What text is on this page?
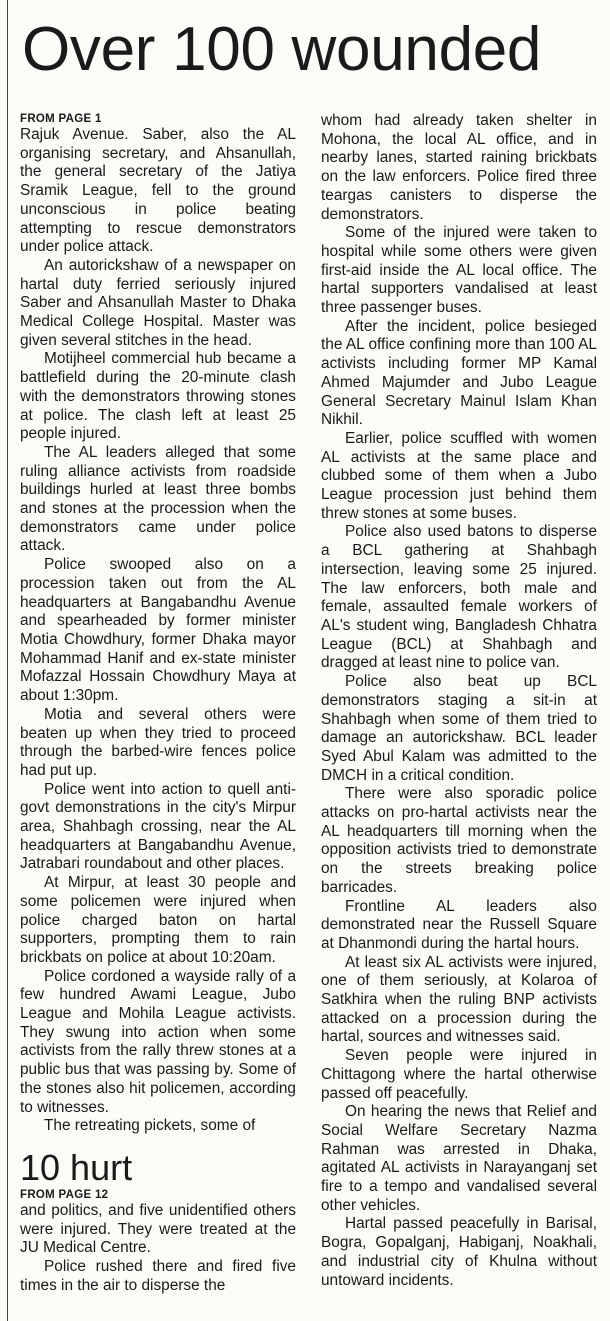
Over 100 wounded

FROM PAGE 1

Rajuk Avenue. Saber, also the AL organising secretary, and Ahsanullah, the general secretary of the Jatiya Sramik League, fell to the ground unconscious in police beating attempting to rescue demonstrators under police attack.

An autorickshaw of a newspaper on hartal duty ferried seriously injured Saber and Ahsanullah Master to Dhaka Medical College Hospital. Master was given several stitches in the head.

Motijheel commercial hub became a battlefield during the 20-minute clash with the demonstrators throwing stones at police. The clash left at least 25 people injured.

The AL leaders alleged that some ruling alliance activists from roadside buildings hurled at least three bombs and stones at the procession when the demonstrators came under police attack.

Police swooped also on a procession taken out from the AL headquarters at Bangabandhu Avenue and spearheaded by former minister Motia Chowdhury, former Dhaka mayor Mohammad Hanif and ex-state minister Mofazzal Hossain Chowdhury Maya at about 1:30pm.

Motia and several others were beaten up when they tried to proceed through the barbed-wire fences police had put up.

Police went into action to quell anti-govt demonstrations in the city's Mirpur area, Shahbagh crossing, near the AL headquarters at Bangabandhu Avenue, Jatrabari roundabout and other places.

At Mirpur, at least 30 people and some policemen were injured when police charged baton on hartal supporters, prompting them to rain brickbats on police at about 10:20am.

Police cordoned a wayside rally of a few hundred Awami League, Jubo League and Mohila League activists. They swung into action when some activists from the rally threw stones at a public bus that was passing by. Some of the stones also hit policemen, according to witnesses.

The retreating pickets, some of

10 hurt

FROM PAGE 12

and politics, and five unidentified others were injured. They were treated at the JU Medical Centre.

Police rushed there and fired five times in the air to disperse the

whom had already taken shelter in Mohona, the local AL office, and in nearby lanes, started raining brickbats on the law enforcers. Police fired three teargas canisters to disperse the demonstrators.

Some of the injured were taken to hospital while some others were given first-aid inside the AL local office. The hartal supporters vandalised at least three passenger buses.

After the incident, police besieged the AL office confining more than 100 AL activists including former MP Kamal Ahmed Majumder and Jubo League General Secretary Mainul Islam Khan Nikhil.

Earlier, police scuffled with women AL activists at the same place and clubbed some of them when a Jubo League procession just behind them threw stones at some buses.

Police also used batons to disperse a BCL gathering at Shahbagh intersection, leaving some 25 injured. The law enforcers, both male and female, assaulted female workers of AL's student wing, Bangladesh Chhatra League (BCL) at Shahbagh and dragged at least nine to police van.

Police also beat up BCL demonstrators staging a sit-in at Shahbagh when some of them tried to damage an autorickshaw. BCL leader Syed Abul Kalam was admitted to the DMCH in a critical condition.

There were also sporadic police attacks on pro-hartal activists near the AL headquarters till morning when the opposition activists tried to demonstrate on the streets breaking police barricades.

Frontline AL leaders also demonstrated near the Russell Square at Dhanmondi during the hartal hours.

At least six AL activists were injured, one of them seriously, at Kolaroa of Satkhira when the ruling BNP activists attacked on a procession during the hartal, sources and witnesses said.

Seven people were injured in Chittagong where the hartal otherwise passed off peacefully.

On hearing the news that Relief and Social Welfare Secretary Nazma Rahman was arrested in Dhaka, agitated AL activists in Narayanganj set fire to a tempo and vandalised several other vehicles.

Hartal passed peacefully in Barisal, Bogra, Gopalganj, Habiganj, Noakhali, and industrial city of Khulna without untoward incidents.
